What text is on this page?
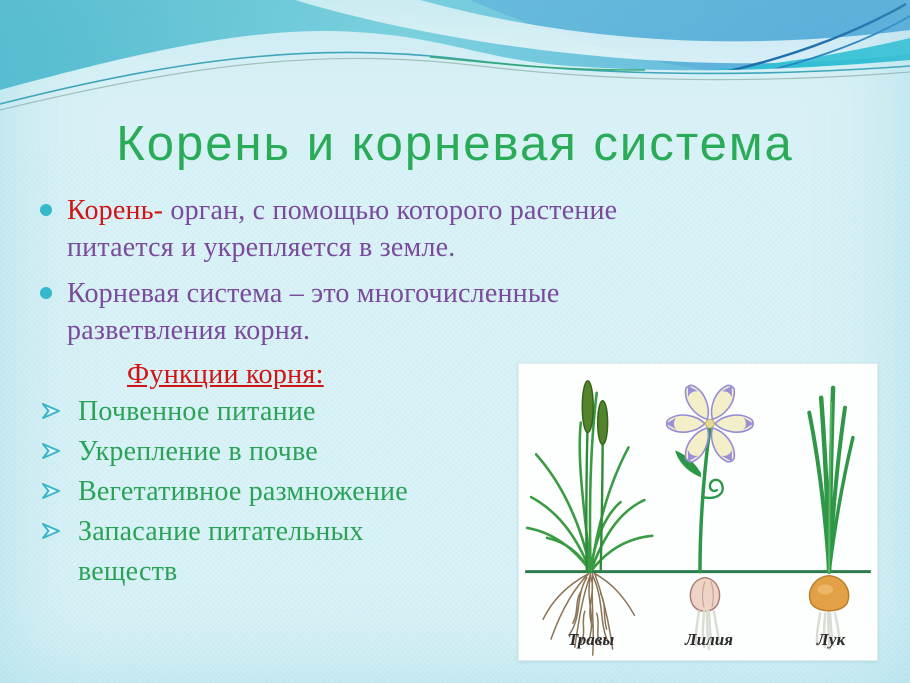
Корень и корневая система
Корень- орган, с помощью которого растение
питается и укрепляется в земле.
Корневая система – это многочисленные
разветвления корня.
Функции корня:
Почвенное питание
Укрепление в почве
Вегетативное размножение
Запасание питательных
веществ
Травы	Лилия	Лук
